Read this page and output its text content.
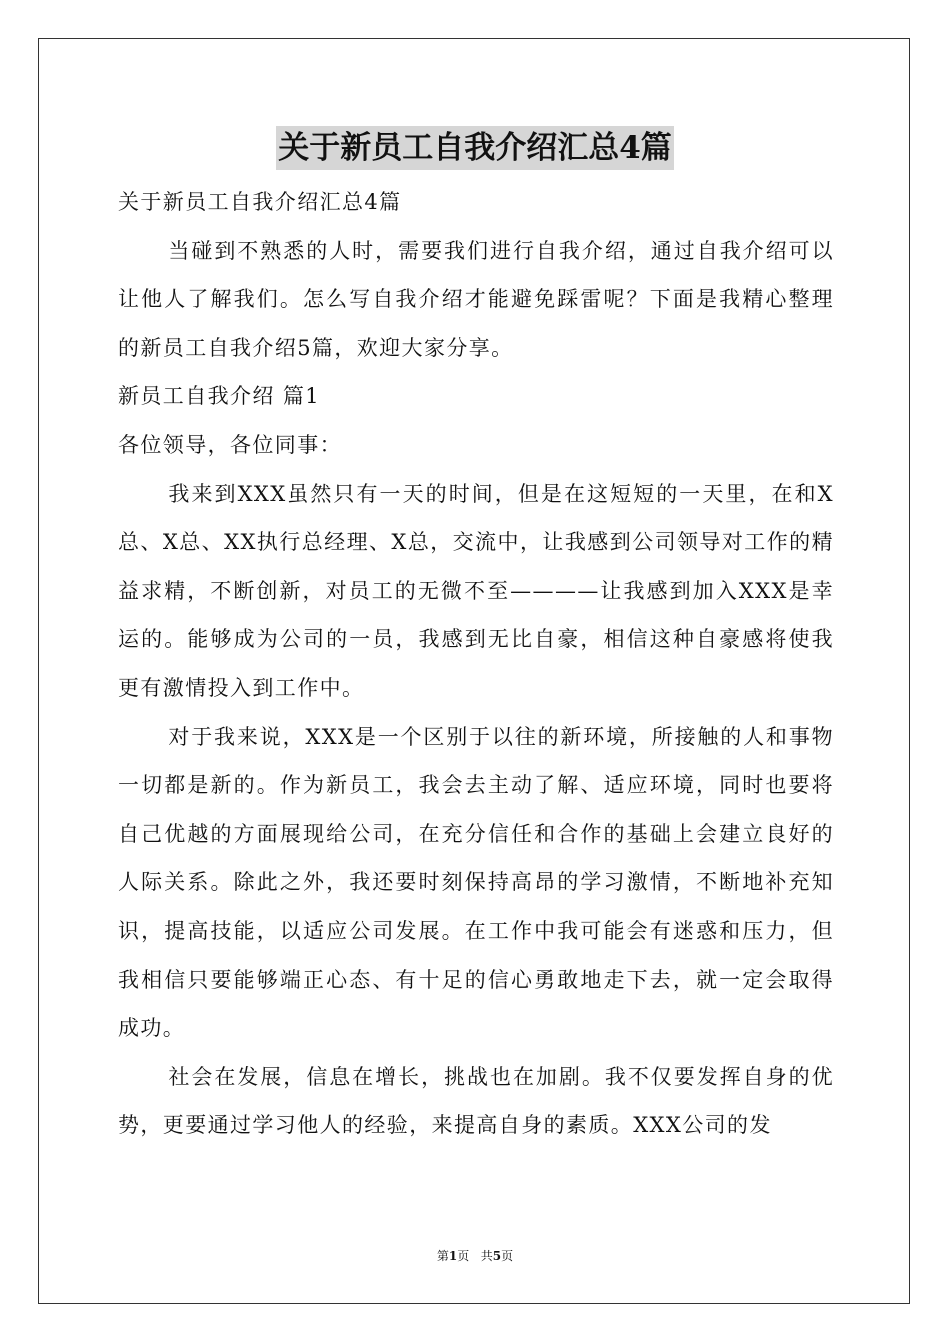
关于新员工自我介绍汇总4篇

关于新员工自我介绍汇总4篇

当碰到不熟悉的人时，需要我们进行自我介绍，通过自我介绍可以让他人了解我们。怎么写自我介绍才能避免踩雷呢？下面是我精心整理的新员工自我介绍5篇，欢迎大家分享。

新员工自我介绍 篇1

各位领导，各位同事：

我来到XXX虽然只有一天的时间，但是在这短短的一天里，在和X总、X总、XX执行总经理、X总，交流中，让我感到公司领导对工作的精益求精，不断创新，对员工的无微不至————让我感到加入XXX是幸运的。能够成为公司的一员，我感到无比自豪，相信这种自豪感将使我更有激情投入到工作中。

对于我来说，XXX是一个区别于以往的新环境，所接触的人和事物一切都是新的。作为新员工，我会去主动了解、适应环境，同时也要将自己优越的方面展现给公司，在充分信任和合作的基础上会建立良好的人际关系。除此之外，我还要时刻保持高昂的学习激情，不断地补充知识，提高技能，以适应公司发展。在工作中我可能会有迷惑和压力，但我相信只要能够端正心态、有十足的信心勇敢地走下去，就一定会取得成功。

社会在发展，信息在增长，挑战也在加剧。我不仅要发挥自身的优势，更要通过学习他人的经验，来提高自身的素质。XXX公司的发

第1页 共5页
